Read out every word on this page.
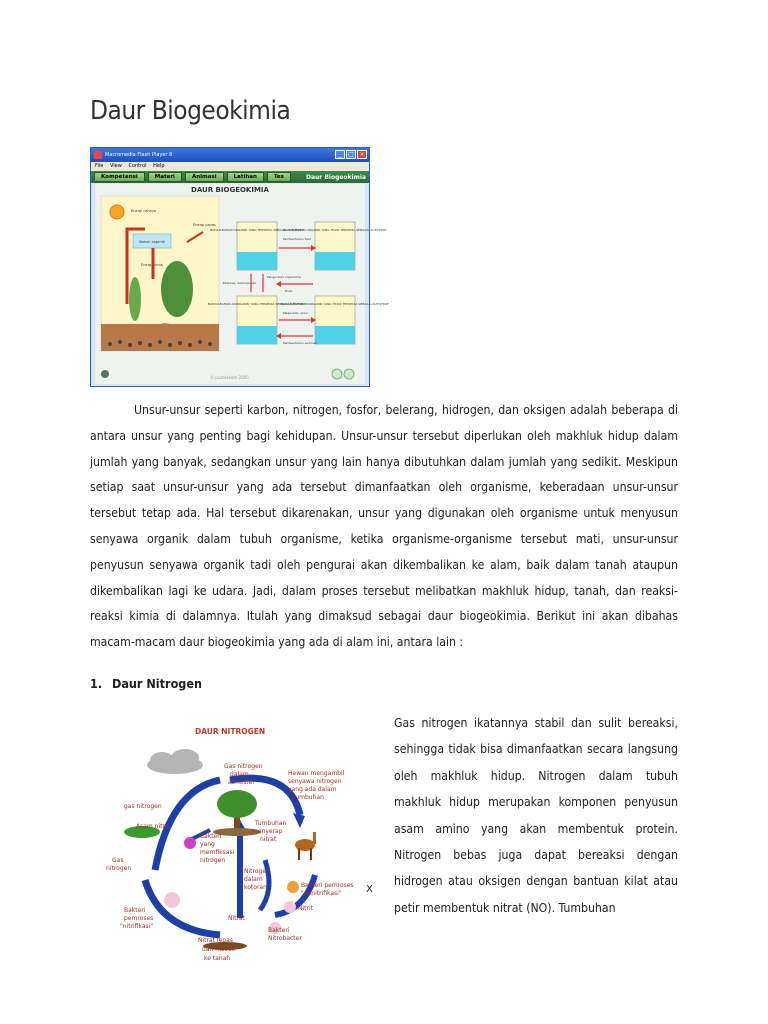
Daur Biogeokimia
Macromedia Flash Player 8	_	□ ×
File View Control Help
Kompetensi	Materi	Animasi	Latihan	Tes	Daur Biogeokimia
DAUR BIOGEOKIMIA
Bahan organik
Energi cahaya
Energi kimia
Energi panas
BAHAN-BAHAN ORGANIK YANG TERSEDIA SEBAGAI AUTOTROF
BAHAN-BAHAN ORGANIK YANG TIDAK TERSEDIA SEBAGAI AUTOTROF
BAHAN-BAHAN ANORGANIK YANG TERSEDIA SEBAGAI AUTOTROF
BAHAN-BAHAN ANORGANIK YANG TIDAK TERSEDIA SEBAGAI AUTOTROF
Pembentukan fosil
Erosi
Ekskresi, dekomposisi
Penguraian organisme
Pelapukan, erosi
Pembentukan sedimen
© pustekkom 2005
Unsur-unsur seperti karbon, nitrogen, fosfor, belerang, hidrogen, dan oksigen adalah beberapa di antara unsur yang penting bagi kehidupan. Unsur-unsur tersebut diperlukan oleh makhluk hidup dalam jumlah yang banyak, sedangkan unsur yang lain hanya dibutuhkan dalam jumlah yang sedikit. Meskipun setiap saat unsur-unsur yang ada tersebut dimanfaatkan oleh organisme, keberadaan unsur-unsur tersebut tetap ada. Hal tersebut dikarenakan, unsur yang digunakan oleh organisme untuk menyusun senyawa organik dalam tubuh organisme, ketika organisme-organisme tersebut mati, unsur-unsur penyusun senyawa organik tadi oleh pengurai akan dikembalikan ke alam, baik dalam tanah ataupun dikembalikan lagi ke udara. Jadi, dalam proses tersebut melibatkan makhluk hidup, tanah, dan reaksi-reaksi kimia di dalamnya. Itulah yang dimaksud sebagai daur biogeokimia. Berikut ini akan dibahas macam-macam daur biogeokimia yang ada di alam ini, antara lain :
1. Daur Nitrogen
DAUR NITROGEN
Gas nitrogen
dalam
atmosfer
Hewan mengambil
senyawa nitrogen
yang ada dalam
tumbuhan
gas nitrogen
Asam nitrit	Tumbuhan
menyerap
nitrat
Bakteri
yang
memfiksasi
nitrogen
Nitrogen
dalam
kotoran
Gas
nitrogen
Bakteri pemroses
"denitrifikasi" X
Nitrit
Nitrat
Bakteri
pemroses
"nitrifikasi"
Bakteri
Nitrobacter
Nitrat lepas
dan masuk
ke tanah
Gas nitrogen ikatannya stabil dan sulit bereaksi, sehingga tidak bisa dimanfaatkan secara langsung oleh makhluk hidup. Nitrogen dalam tubuh makhluk hidup merupakan komponen penyusun asam amino yang akan membentuk protein. Nitrogen bebas juga dapat bereaksi dengan hidrogen atau oksigen dengan bantuan kilat atau petir membentuk nitrat (NO). Tumbuhan
